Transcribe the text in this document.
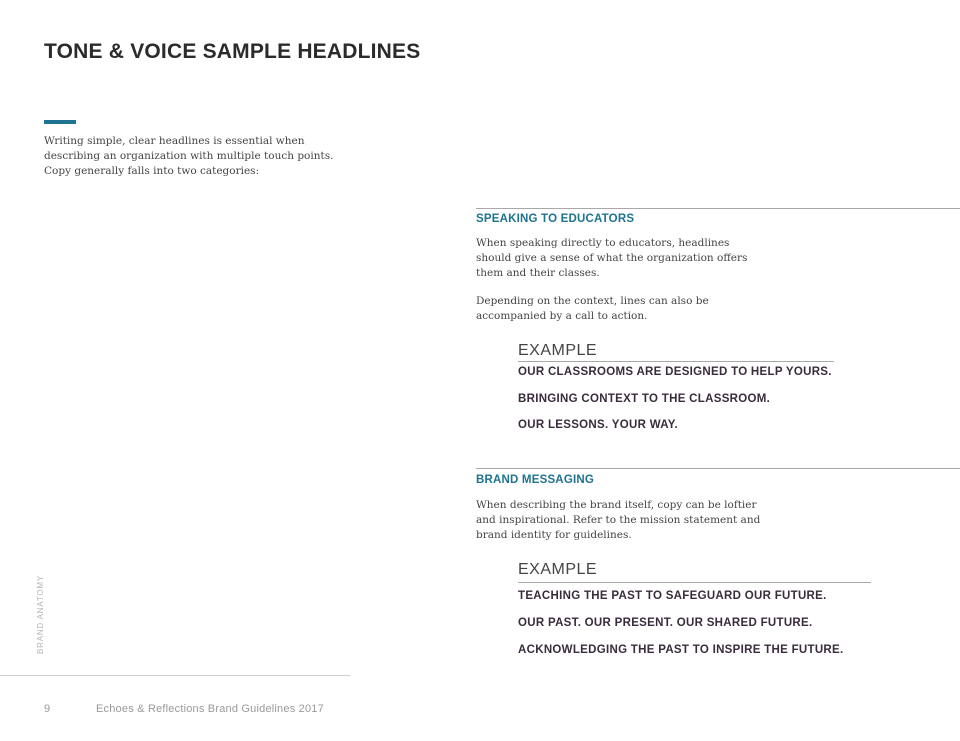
TONE & VOICE SAMPLE HEADLINES

Writing simple, clear headlines is essential when describing an organization with multiple touch points. Copy generally falls into two categories:

SPEAKING TO EDUCATORS

When speaking directly to educators, headlines should give a sense of what the organization offers them and their classes.

Depending on the context, lines can also be accompanied by a call to action.

EXAMPLE
OUR CLASSROOMS ARE DESIGNED TO HELP YOURS.
BRINGING CONTEXT TO THE CLASSROOM.
OUR LESSONS. YOUR WAY.
BRAND MESSAGING

When describing the brand itself, copy can be loftier and inspirational. Refer to the mission statement and brand identity for guidelines.

EXAMPLE
TEACHING THE PAST TO SAFEGUARD OUR FUTURE.
OUR PAST. OUR PRESENT. OUR SHARED FUTURE.
ACKNOWLEDGING THE PAST TO INSPIRE THE FUTURE.
BRAND ANATOMY
9	Echoes & Reflections Brand Guidelines 2017
